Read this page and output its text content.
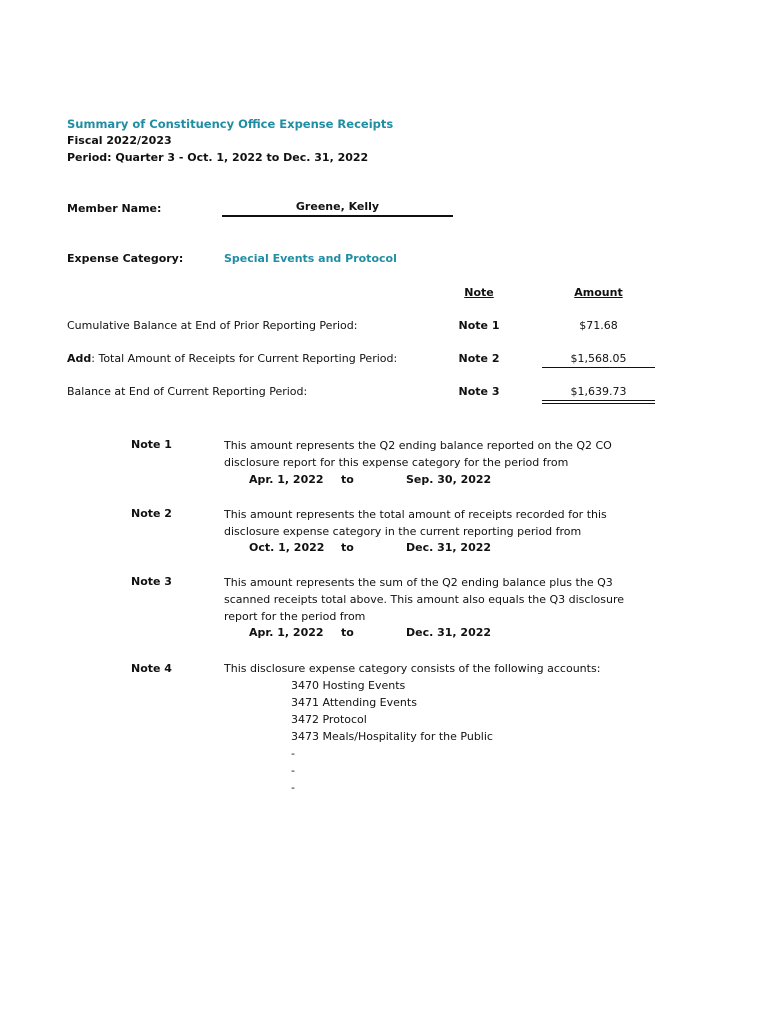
Summary of Constituency Office Expense Receipts
Fiscal 2022/2023
Period: Quarter 3 - Oct. 1, 2022 to Dec. 31, 2022
Member Name:	Greene, Kelly
Expense Category:	Special Events and Protocol
Note	Amount
Cumulative Balance at End of Prior Reporting Period:	Note 1	$71.68
Add: Total Amount of Receipts for Current Reporting Period:	Note 2	$1,568.05
Balance at End of Current Reporting Period:	Note 3	$1,639.73
Note 1	This amount represents the Q2 ending balance reported on the Q2 CO
disclosure report for this expense category for the period from
Apr. 1, 2022 to	Sep. 30, 2022
Note 2	This amount represents the total amount of receipts recorded for this
disclosure expense category in the current reporting period from
Oct. 1, 2022 to	Dec. 31, 2022
Note 3	This amount represents the sum of the Q2 ending balance plus the Q3
scanned receipts total above. This amount also equals the Q3 disclosure
report for the period from
Apr. 1, 2022 to	Dec. 31, 2022
Note 4	This disclosure expense category consists of the following accounts:
3470 Hosting Events
3471 Attending Events
3472 Protocol
3473 Meals/Hospitality for the Public
-
-
-
